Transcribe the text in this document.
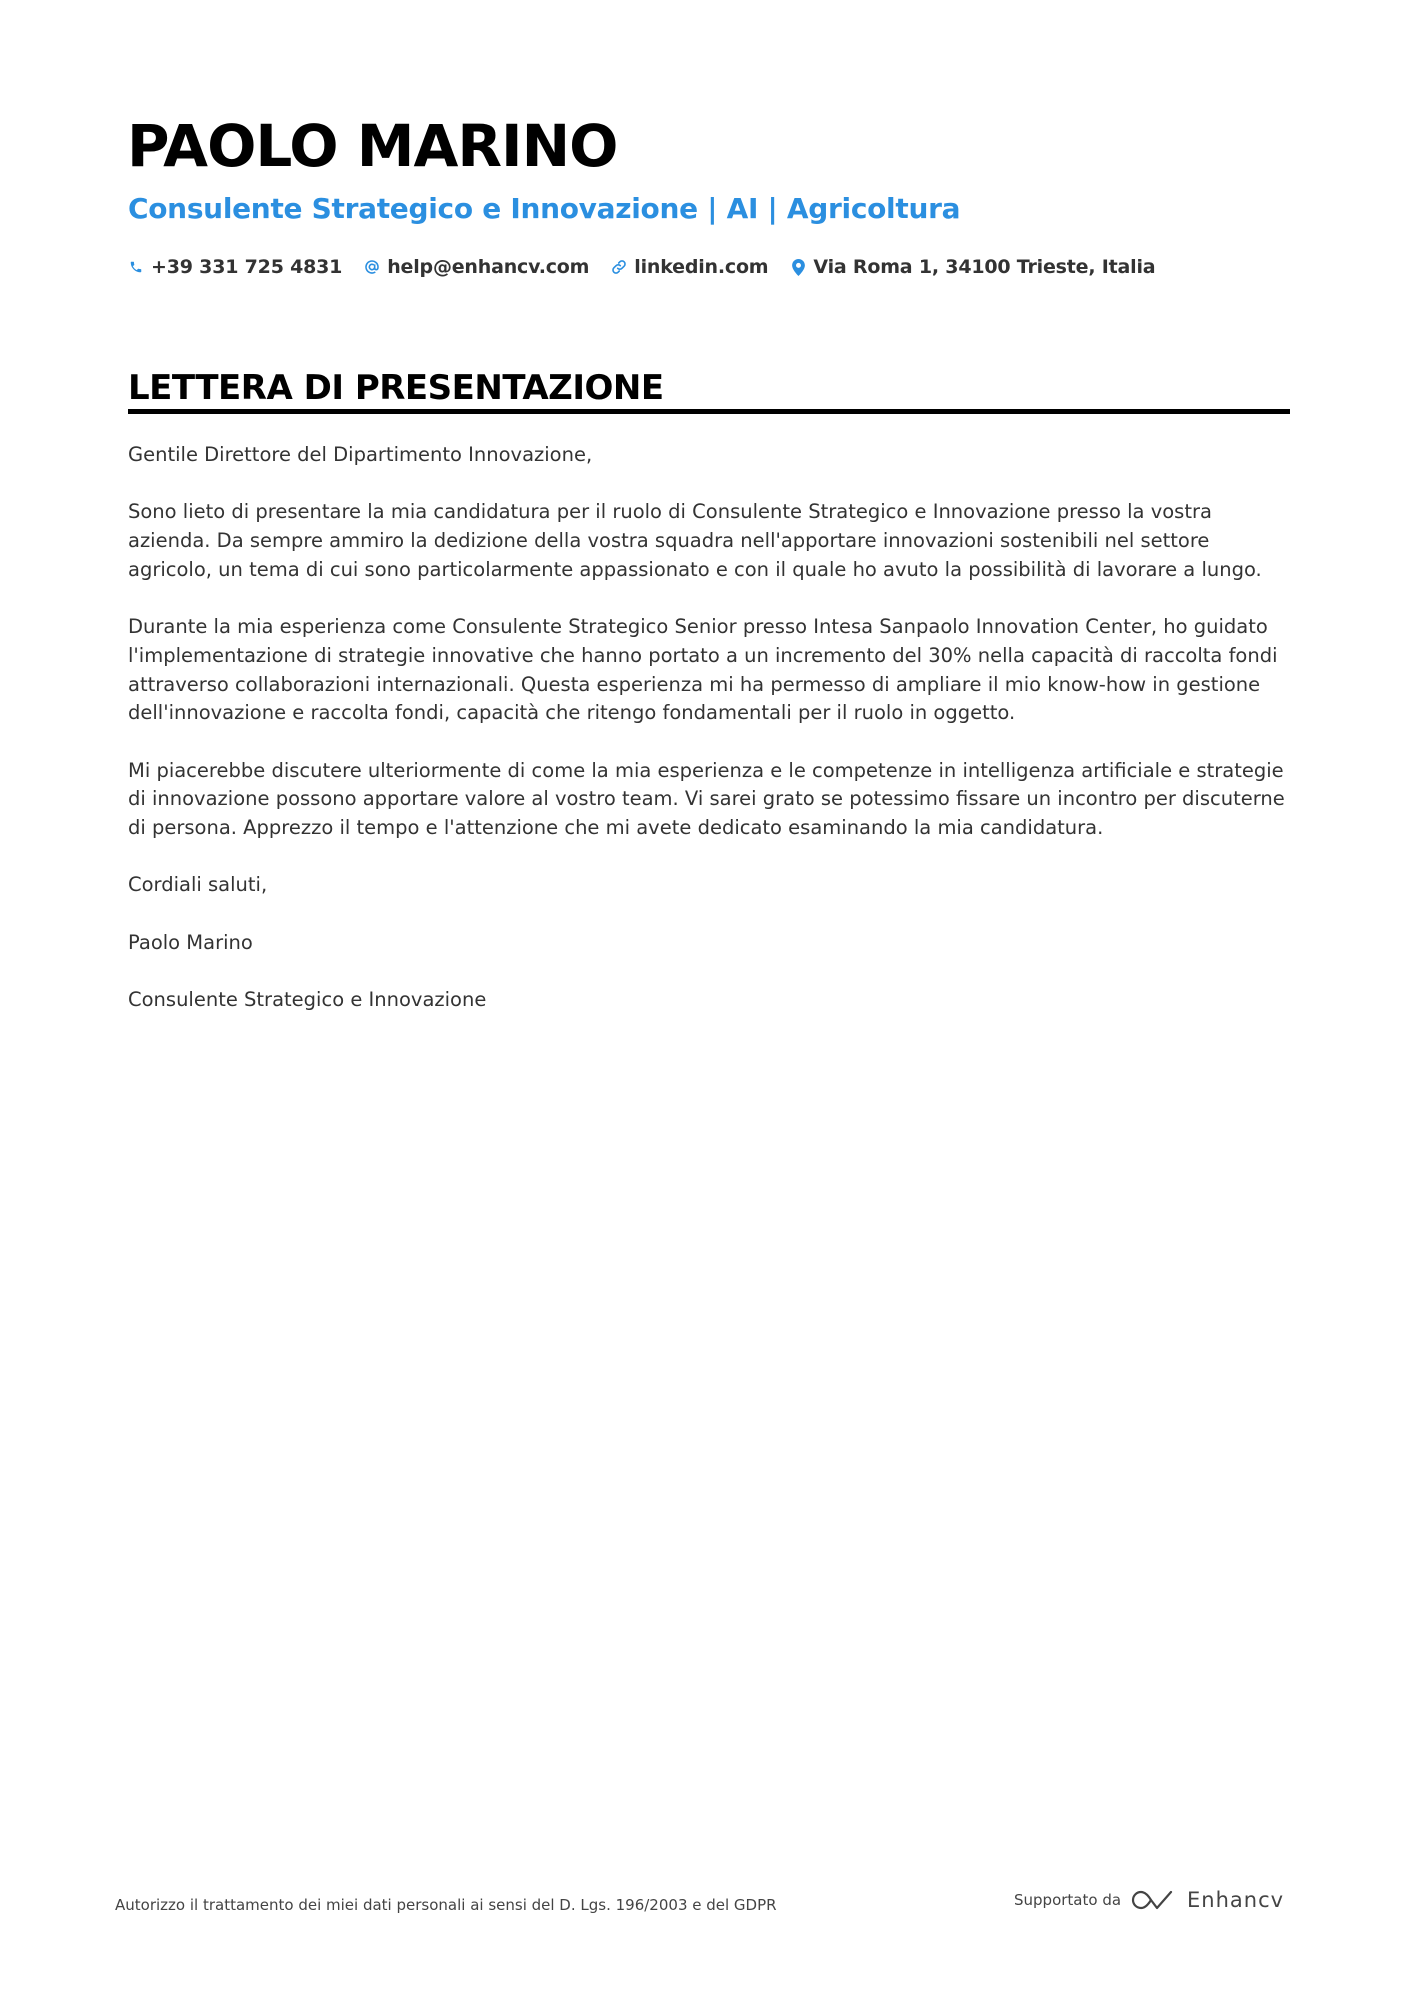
PAOLO MARINO
Consulente Strategico e Innovazione | AI | Agricoltura
+39 331 725 4831 help@enhancv.com linkedin.com Via Roma 1, 34100 Trieste, Italia
LETTERA DI PRESENTAZIONE

Gentile Direttore del Dipartimento Innovazione,

Sono lieto di presentare la mia candidatura per il ruolo di Consulente Strategico e Innovazione presso la vostra azienda. Da sempre ammiro la dedizione della vostra squadra nell'apportare innovazioni sostenibili nel settore agricolo, un tema di cui sono particolarmente appassionato e con il quale ho avuto la possibilità di lavorare a lungo.

Durante la mia esperienza come Consulente Strategico Senior presso Intesa Sanpaolo Innovation Center, ho guidato l'implementazione di strategie innovative che hanno portato a un incremento del 30% nella capacità di raccolta fondi attraverso collaborazioni internazionali. Questa esperienza mi ha permesso di ampliare il mio know-how in gestione dell'innovazione e raccolta fondi, capacità che ritengo fondamentali per il ruolo in oggetto.

Mi piacerebbe discutere ulteriormente di come la mia esperienza e le competenze in intelligenza artificiale e strategie di innovazione possono apportare valore al vostro team. Vi sarei grato se potessimo fissare un incontro per discuterne di persona. Apprezzo il tempo e l'attenzione che mi avete dedicato esaminando la mia candidatura.

Cordiali saluti,

Paolo Marino

Consulente Strategico e Innovazione

Autorizzo il trattamento dei miei dati personali ai sensi del D. Lgs. 196/2003 e del GDPR	Supportato da	Enhancv
